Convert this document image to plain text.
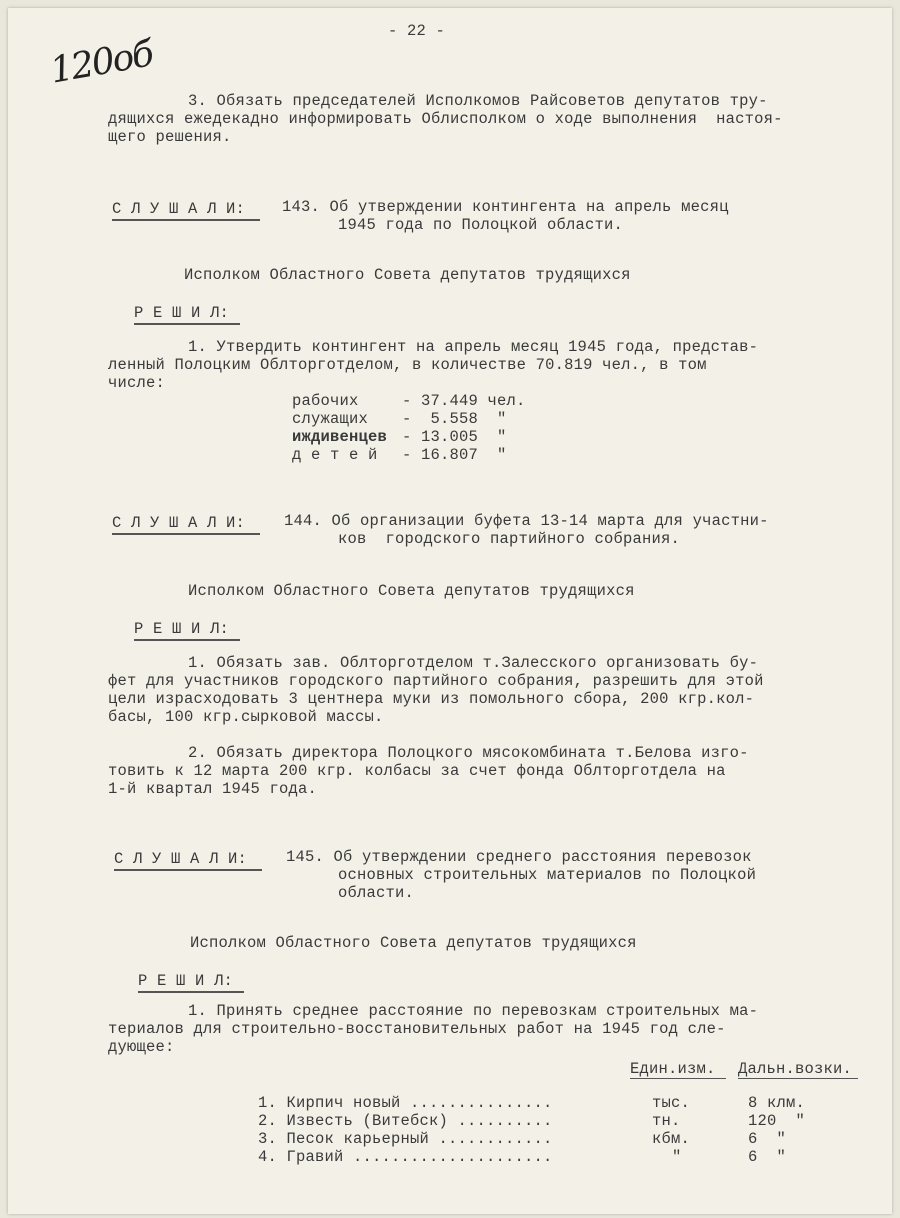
- 22 -
120об
3. Обязать председателей Исполкомов Райсоветов депутатов тру-
дящихся ежедекадно информировать Облисполком о ходе выполнения  настоя-
щего решения.
С Л У Ш А Л И: 143. Об утверждении контингента на апрель месяц
1945 года по Полоцкой области.
Исполком Областного Совета депутатов трудящихся
Р Е Ш И Л:
1. Утвердить контингент на апрель месяц 1945 года, представ-
ленный Полоцким Облторготделом, в количестве 70.819 чел., в том
числе:
рабочих	- 37.449 чел.
служащих -  5.558  "
иждивенцев - 13.005  "
д е т е й - 16.807  "
С Л У Ш А Л И:	144. Об организации буфета 13-14 марта для участни-
ков  городского партийного собрания.
Исполком Областного Совета депутатов трудящихся
Р Е Ш И Л:
1. Обязать зав. Облторготделом т.Залесского организовать бу-
фет для участников городского партийного собрания, разрешить для этой
цели израсходовать 3 центнера муки из помольного сбора, 200 кгр.кол-
басы, 100 кгр.сырковой массы.
2. Обязать директора Полоцкого мясокомбината т.Белова изго-
товить к 12 марта 200 кгр. колбасы за счет фонда Облторготдела на
1-й квартал 1945 года.
С Л У Ш А Л И:	145. Об утверждении среднего расстояния перевозок
основных строительных материалов по Полоцкой
области.
Исполком Областного Совета депутатов трудящихся
Р Е Ш И Л:
1. Принять среднее расстояние по перевозкам строительных ма-
териалов для строительно-восстановительных работ на 1945 год сле-
дующее:
Един.изм. Дальн.возки.
1. Кирпич новый ...............	тыс.	8 клм.
2. Известь (Витебск) ..........	тн.	120  "
3. Песок карьерный ............	кбм.	6  "
4. Гравий .....................	"	6  "
